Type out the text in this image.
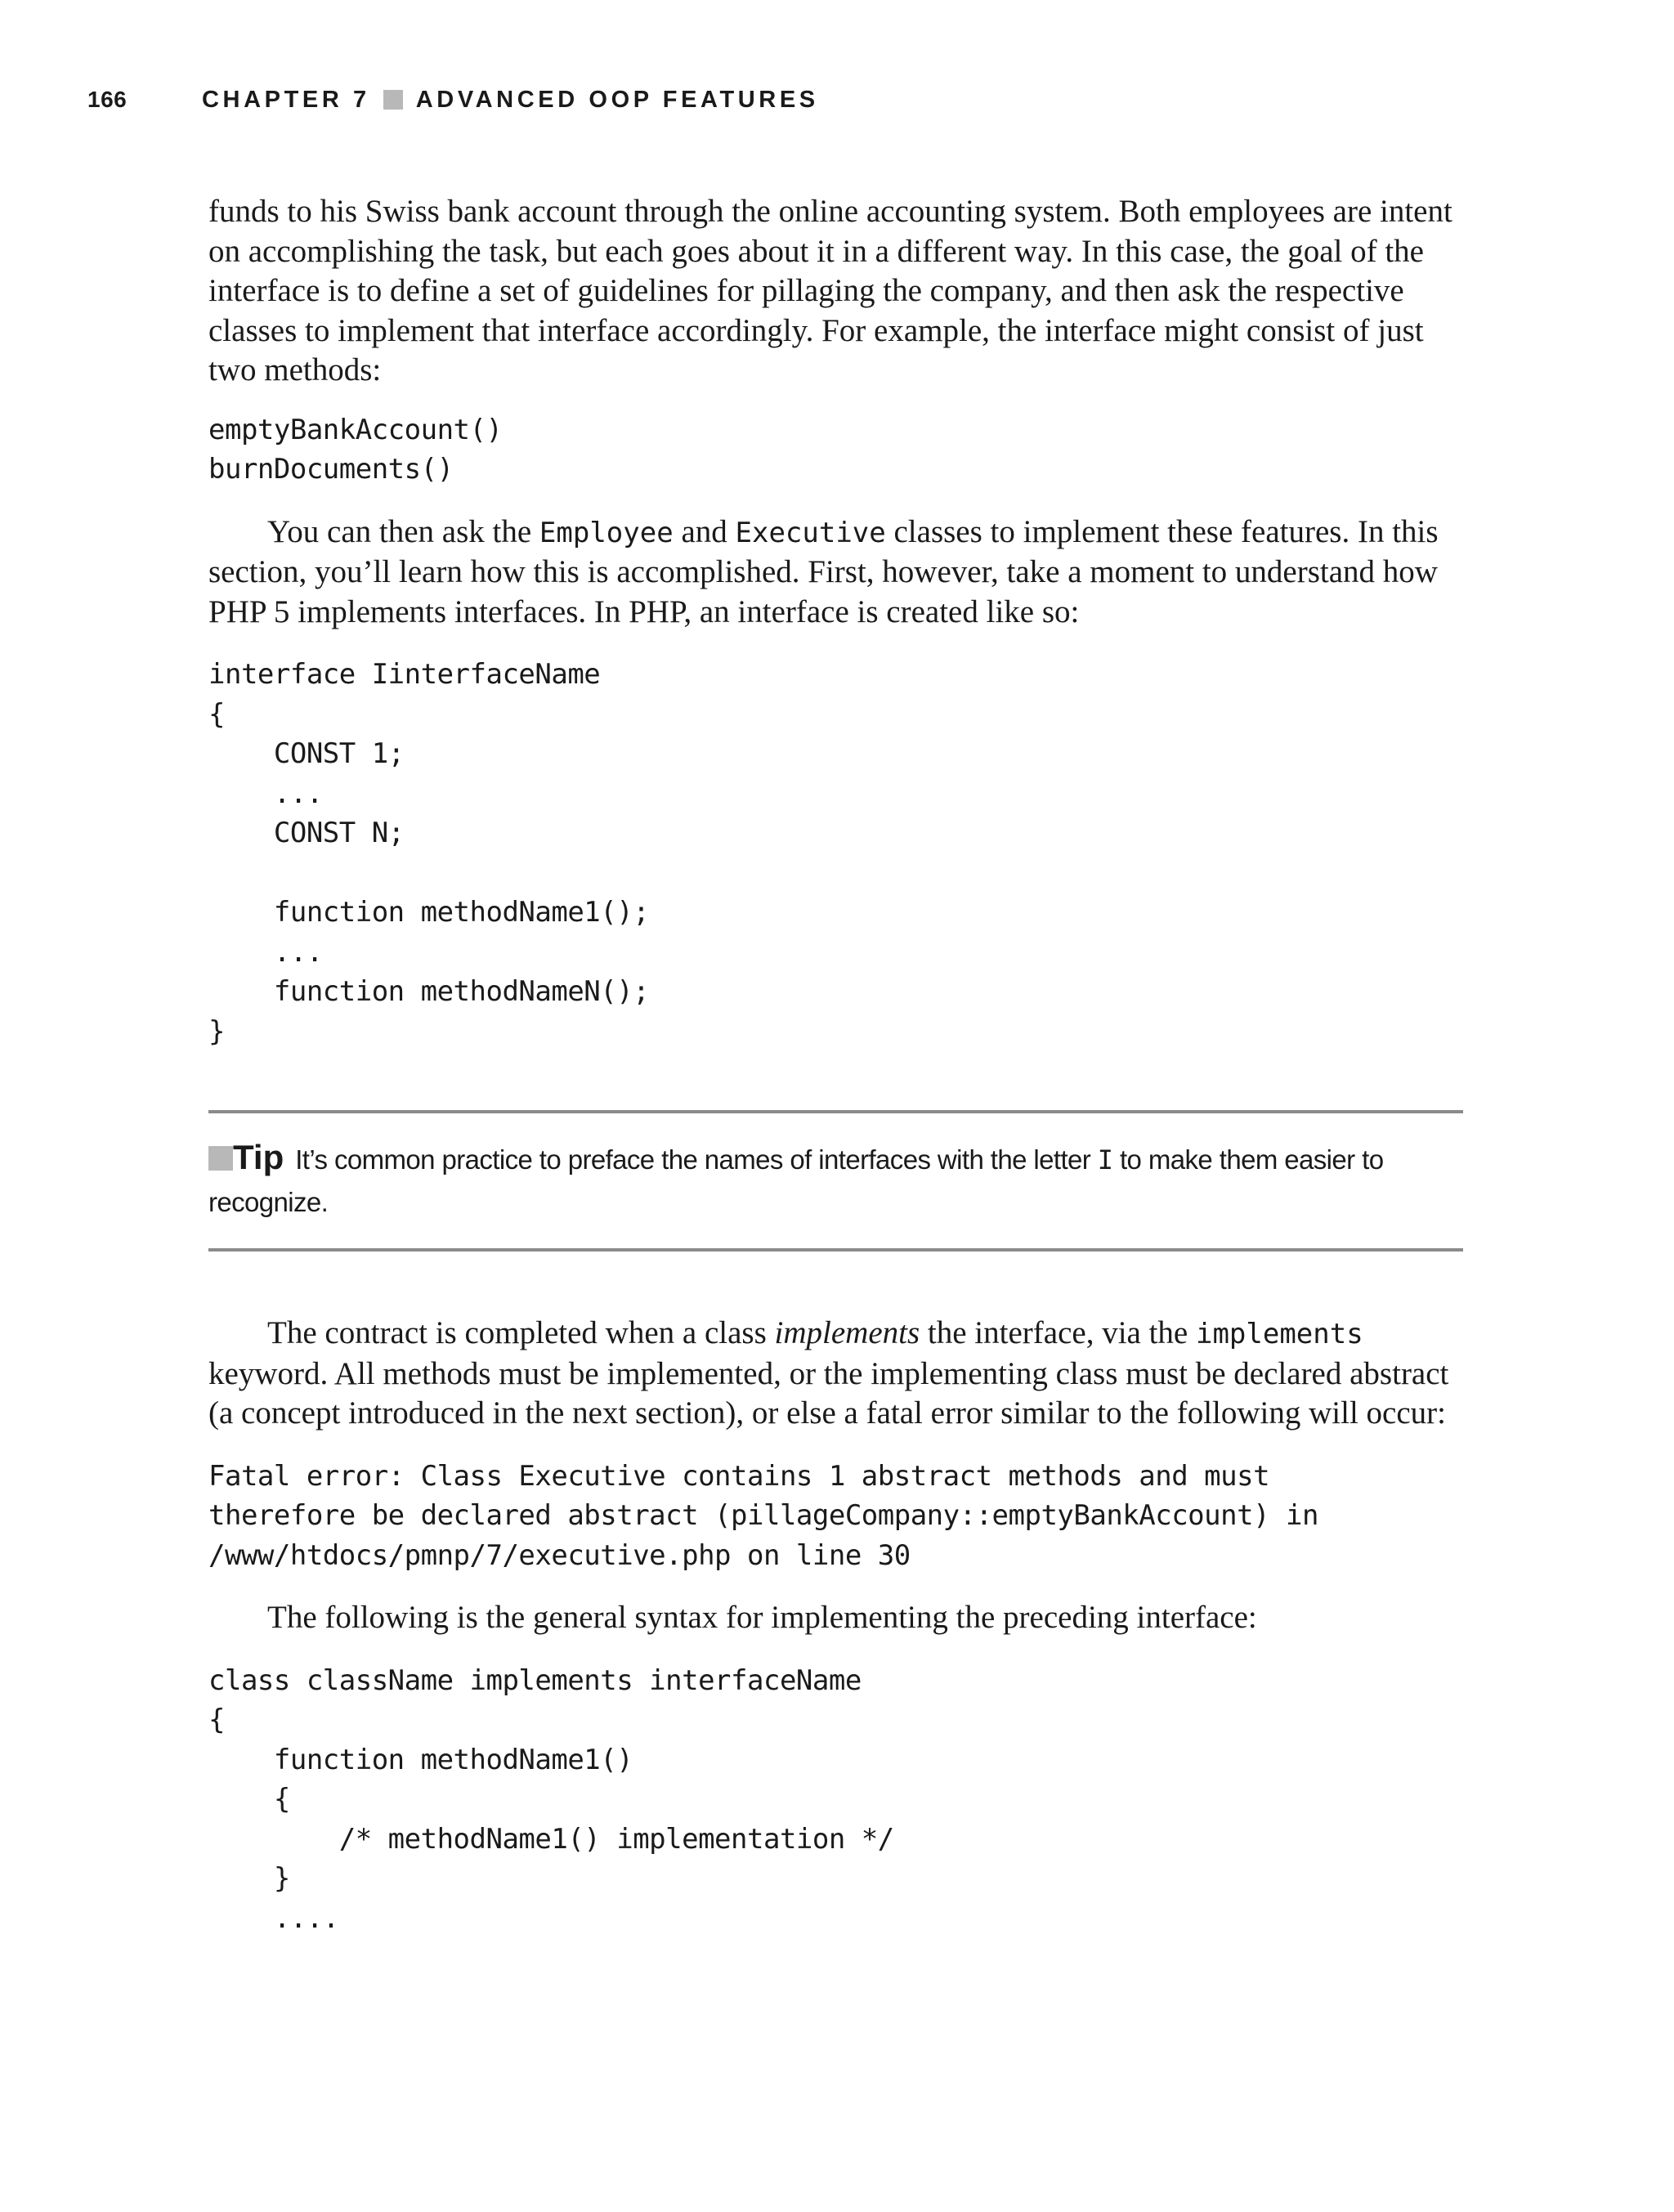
166	CHAPTER 7 ADVANCED OOP FEATURES

funds to his Swiss bank account through the online accounting system. Both employees are intent on accomplishing the task, but each goes about it in a different way. In this case, the goal of the interface is to define a set of guidelines for pillaging the company, and then ask the respective classes to implement that interface accordingly. For example, the interface might consist of just two methods:

emptyBankAccount()
burnDocuments()

You can then ask the Employee and Executive classes to implement these features. In this section, you’ll learn how this is accomplished. First, however, take a moment to understand how PHP 5 implements interfaces. In PHP, an interface is created like so:

interface IinterfaceName
{
CONST 1;
...
CONST N;
function methodName1();
...
function methodNameN();
}
Tip It’s common practice to preface the names of interfaces with the letter I to make them easier to recognize.

The contract is completed when a class implements the interface, via the implements keyword. All methods must be implemented, or the implementing class must be declared abstract (a concept introduced in the next section), or else a fatal error similar to the following will occur:

Fatal error: Class Executive contains 1 abstract methods and must
therefore be declared abstract (pillageCompany::emptyBankAccount) in
/www/htdocs/pmnp/7/executive.php on line 30

The following is the general syntax for implementing the preceding interface:

class className implements interfaceName
{
function methodName1()
{
/* methodName1() implementation */
}
....
